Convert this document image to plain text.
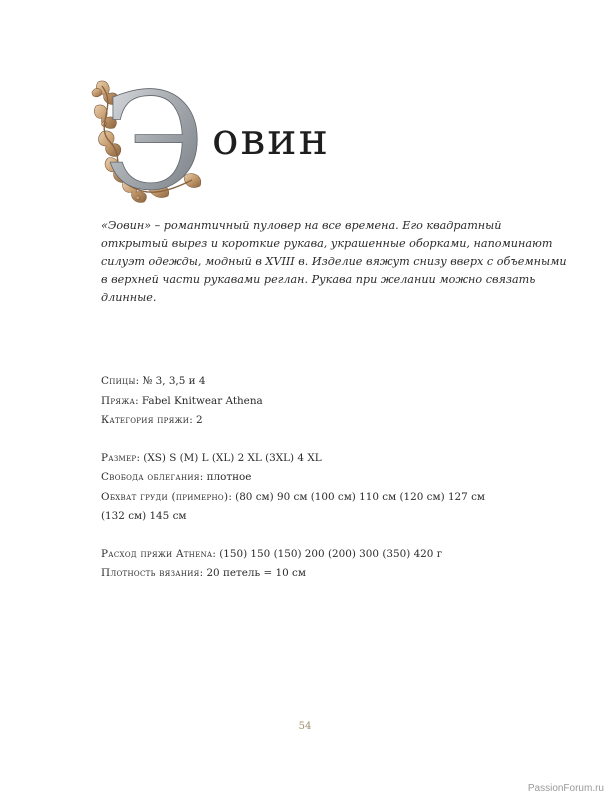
Э овин
«Эовин» – романтичный пуловер на все времена. Его квадратный
открытый вырез и короткие рукава, украшенные оборками, напоминают
силуэт одежды, модный в XVIII в. Изделие вяжут снизу вверх с объемными
в верхней части рукавами реглан. Рукава при желании можно связать
длинные.
Спицы: № 3, 3,5 и 4
Пряжа: Fabel Knitwear Athena
Категория пряжи: 2
Размер: (XS) S (M) L (XL) 2 XL (3XL) 4 XL
Свобода облегания: плотное
Обхват груди (примерно): (80 см) 90 см (100 см) 110 см (120 см) 127 см
(132 см) 145 см
Расход пряжи Athena: (150) 150 (150) 200 (200) 300 (350) 420 г
Плотность вязания: 20 петель = 10 см
54
PassionForum.ru
